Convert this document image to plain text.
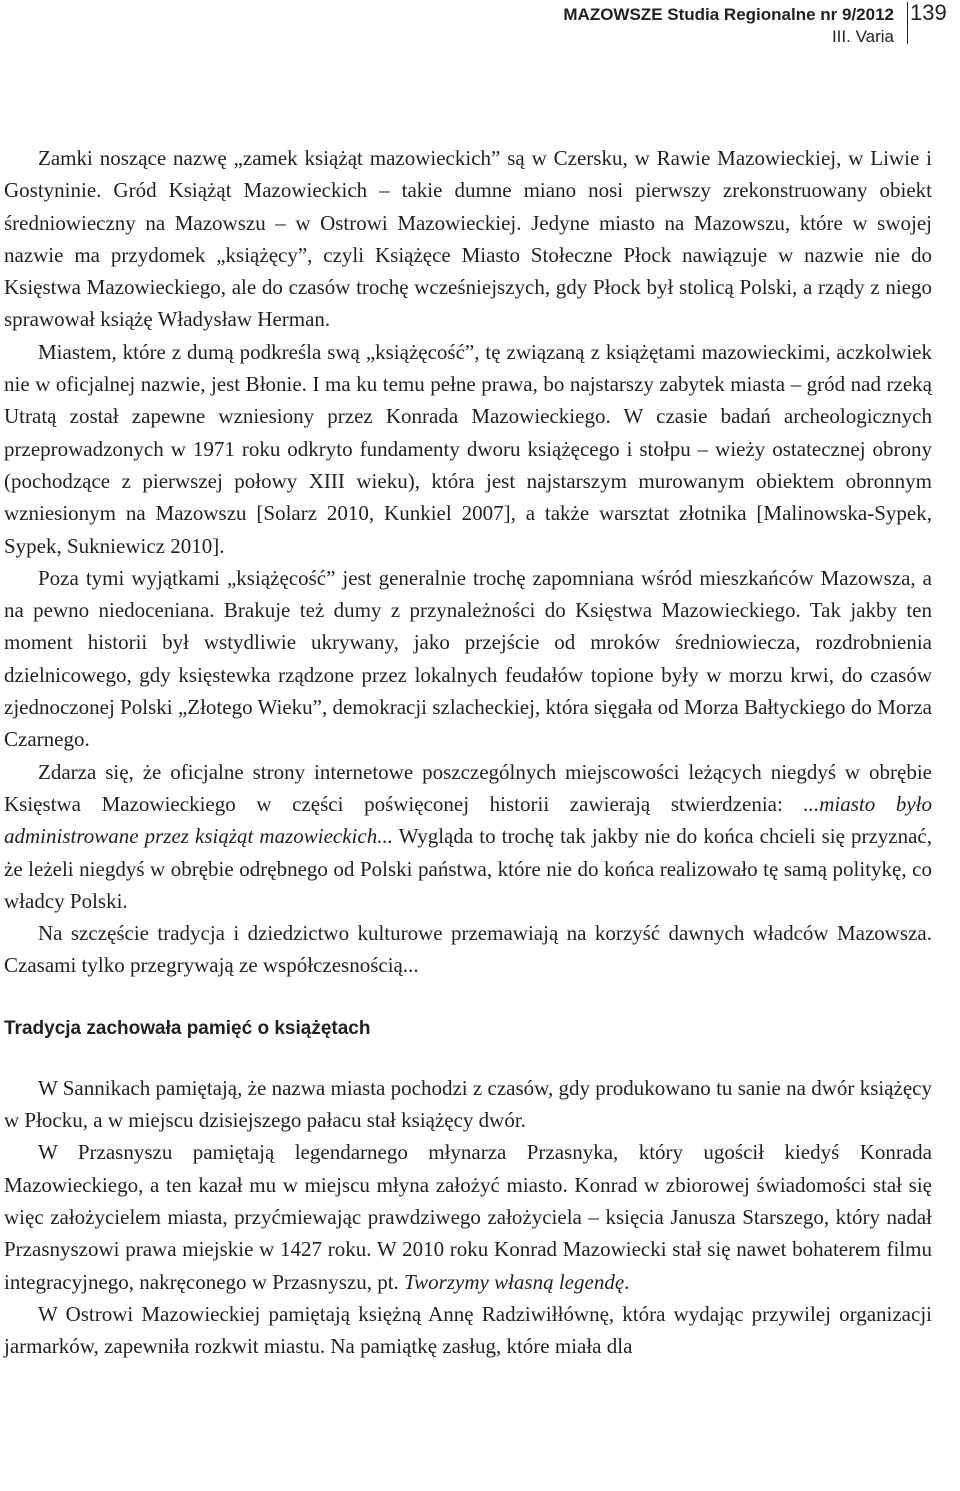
MAZOWSZE Studia Regionalne nr 9/2012
III. Varia
139

Zamki noszące nazwę „zamek książąt mazowieckich” są w Czersku, w Rawie Mazowieckiej, w Liwie i Gostyninie. Gród Książąt Mazowieckich – takie dumne miano nosi pierwszy zrekonstruowany obiekt średniowieczny na Mazowszu – w Ostrowi Mazowieckiej. Jedyne miasto na Mazowszu, które w swojej nazwie ma przydomek „książęcy”, czyli Książęce Miasto Stołeczne Płock nawiązuje w nazwie nie do Księstwa Mazowieckiego, ale do czasów trochę wcześniejszych, gdy Płock był stolicą Polski, a rządy z niego sprawował książę Władysław Herman.

Miastem, które z dumą podkreśla swą „książęcość”, tę związaną z książętami mazowieckimi, aczkolwiek nie w oficjalnej nazwie, jest Błonie. I ma ku temu pełne prawa, bo najstarszy zabytek miasta – gród nad rzeką Utratą został zapewne wzniesiony przez Konrada Mazowieckiego. W czasie badań archeologicznych przeprowadzonych w 1971 roku odkryto fundamenty dworu książęcego i stołpu – wieży ostatecznej obrony (pochodzące z pierwszej połowy XIII wieku), która jest najstarszym murowanym obiektem obronnym wzniesionym na Mazowszu [Solarz 2010, Kunkiel 2007], a także warsztat złotnika [Malinowska-Sypek, Sypek, Sukniewicz 2010].

Poza tymi wyjątkami „książęcość” jest generalnie trochę zapomniana wśród mieszkańców Mazowsza, a na pewno niedoceniana. Brakuje też dumy z przynależności do Księstwa Mazowieckiego. Tak jakby ten moment historii był wstydliwie ukrywany, jako przejście od mroków średniowiecza, rozdrobnienia dzielnicowego, gdy księstewka rządzone przez lokalnych feudałów topione były w morzu krwi, do czasów zjednoczonej Polski „Złotego Wieku”, demokracji szlacheckiej, która sięgała od Morza Bałtyckiego do Morza Czarnego.

Zdarza się, że oficjalne strony internetowe poszczególnych miejscowości leżących niegdyś w obrębie Księstwa Mazowieckiego w części poświęconej historii zawierają stwierdzenia: ...miasto było administrowane przez książąt mazowieckich... Wygląda to trochę tak jakby nie do końca chcieli się przyznać, że leżeli niegdyś w obrębie odrębnego od Polski państwa, które nie do końca realizowało tę samą politykę, co władcy Polski.

Na szczęście tradycja i dziedzictwo kulturowe przemawiają na korzyść dawnych władców Mazowsza. Czasami tylko przegrywają ze współczesnością...

Tradycja zachowała pamięć o książętach

W Sannikach pamiętają, że nazwa miasta pochodzi z czasów, gdy produkowano tu sanie na dwór książęcy w Płocku, a w miejscu dzisiejszego pałacu stał książęcy dwór.

W Przasnyszu pamiętają legendarnego młynarza Przasnyka, który ugościł kiedyś Konrada Mazowieckiego, a ten kazał mu w miejscu młyna założyć miasto. Konrad w zbiorowej świadomości stał się więc założycielem miasta, przyćmiewając prawdziwego założyciela – księcia Janusza Starszego, który nadał Przasnyszowi prawa miejskie w 1427 roku. W 2010 roku Konrad Mazowiecki stał się nawet bohaterem filmu integracyjnego, nakręconego w Przasnyszu, pt. Tworzymy własną legendę.

W Ostrowi Mazowieckiej pamiętają księżną Annę Radziwiłłównę, która wydając przywilej organizacji jarmarków, zapewniła rozkwit miastu. Na pamiątkę zasług, które miała dla
